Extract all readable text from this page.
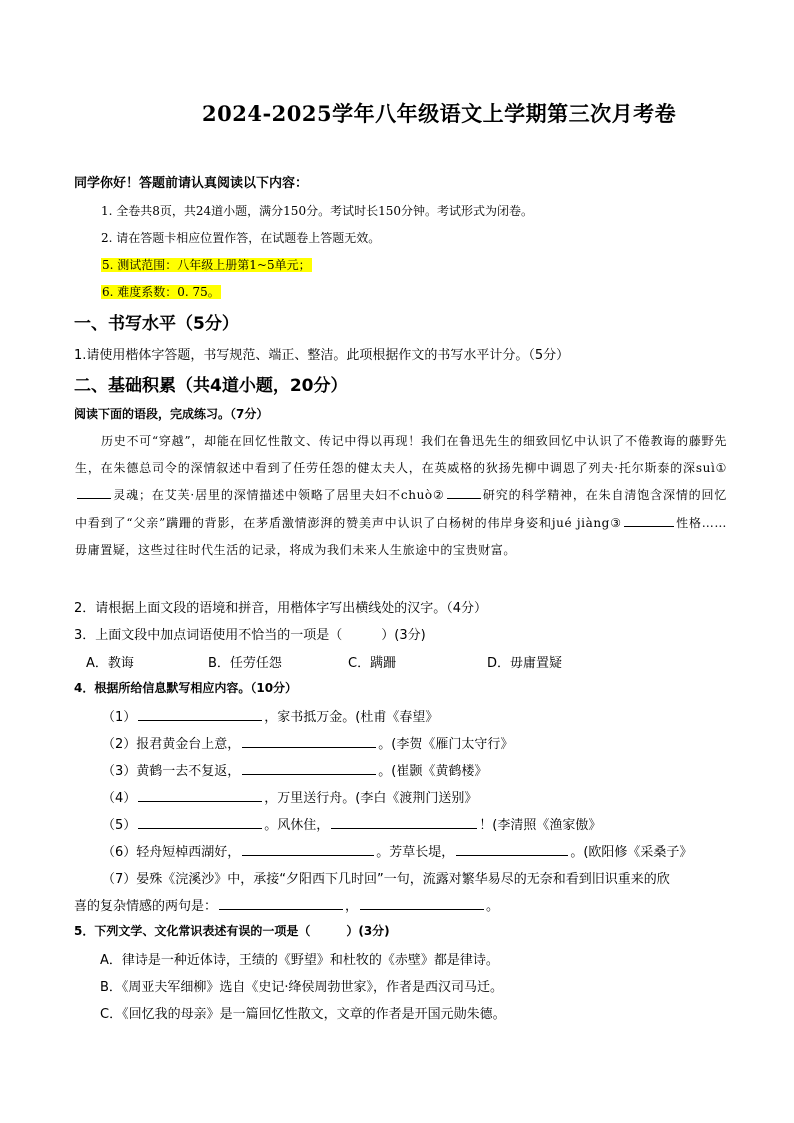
2024-2025学年八年级语文上学期第三次月考卷
同学你好！答题前请认真阅读以下内容：
1. 全卷共8页，共24道小题，满分150分。考试时长150分钟。考试形式为闭卷。
2. 请在答题卡相应位置作答，在试题卷上答题无效。
5. 测试范围：八年级上册第1~5单元；
6. 难度系数：0. 75。
一、书写水平（5分）
1.请使用楷体字答题，书写规范、端正、整洁。此项根据作文的书写水平计分。（5分）
二、基础积累（共4道小题，20分）
阅读下面的语段，完成练习。（7分）

历史不可“穿越”，却能在回忆性散文、传记中得以再现！我们在鲁迅先生的细致回忆中认识了不倦教诲的藤野先生，在朱德总司令的深情叙述中看到了任劳任怨的健太夫人，在英威格的狄扬先柳中调恩了列夫·托尔斯泰的深suì①灵魂；在艾芙·居里的深情描述中领略了居里夫妇不chuò②	研究的科学精神，在朱自清饱含深情的回忆中看到了“父亲”蹒跚的背影，在茅盾激情澎湃的赞美声中认识了白杨树的伟岸身姿和jué jiàng③	性格……毋庸置疑，这些过往时代生活的记录，将成为我们未来人生旅途中的宝贵财富。

2．请根据上面文段的语境和拼音，用楷体字写出横线处的汉字。（4分）
3．上面文段中加点词语使用不恰当的一项是（　　　）(3分)
A．教诲	B．任劳任怨	C．蹒跚	D．毋庸置疑
4．根据所给信息默写相应内容。（10分）
（1）	，家书抵万金。(杜甫《春望》
（2）报君黄金台上意，	。(李贺《雁门太守行》
（3）黄鹤一去不复返，	。(崔颢《黄鹤楼》
（4）	，万里送行舟。(李白《渡荆门送别》
（5）	。风休住，	！(李清照《渔家傲》
（6）轻舟短棹西湖好，	。芳草长堤，	。(欧阳修《采桑子》
（7）晏殊《浣溪沙》中，承接“夕阳西下几时回”一句，流露对繁华易尽的无奈和看到旧识重来的欣
喜的复杂情感的两句是：	，	。
5．下列文学、文化常识表述有误的一项是（　　　）(3分)
A．律诗是一种近体诗，王绩的《野望》和杜牧的《赤壁》都是律诗。
B．《周亚夫军细柳》选自《史记·绛侯周勃世家》，作者是西汉司马迁。
C．《回忆我的母亲》是一篇回忆性散文，文章的作者是开国元勋朱德。
